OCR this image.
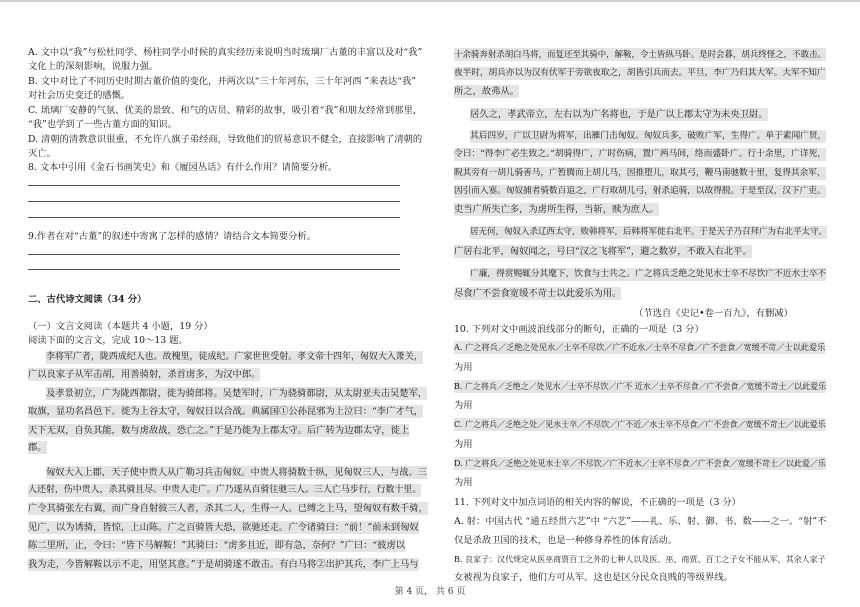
A. 文中以“我”与松杜同学、杨柱同学小时候的真实经历来说明当时琉璃厂古董的丰富以及对“我”
文化上的深刻影响，说服力强。
B. 文中对比了不同历史时期古董价值的变化，并两次以“三十年河东，三十年河西 ”来表达“我”
对社会历史变迁的感慨。
C. 琉璃厂安静的气氛、优美的景致、和气的店员、精彩的故事，吸引着“我”和朋友经常到那里，
“我”也学到了一些古董方面的知识。
D. 清朝的清教意识很重，不允许八旗子弟经商，导致他们的贸易意识不健全，直接影响了清朝的
灭亡。
8. 文本中引用《金石书画笑史》和《履园丛话》有什么作用？请简要分析。
9.作者在对“古董”的叙述中寄寓了怎样的感情？请结合文本简要分析。
二、古代诗文阅读（34 分）
（一）文言文阅读（本题共 4 小题，19 分）
阅读下面的文言文，完成 10～13 题。
李将军广者，陇西成纪人也。故槐里，徒成纪。广家世世受射。孝文帝十四年，匈奴大入萧关，
广以良家子从军击胡，用善骑射，杀首虏多，为汉中郎。
及孝景初立，广为陇西都尉，徙为骑郎将。吴楚军时，广为骁骑都尉，从太尉亚夫击吴楚军，
取旗，显功名昌邑下。徙为上谷太守，匈奴日以合战。典属国①公孙昆邪为上泣曰：“李广才气，
天下无双，自负其能，数与虏敌战，恐亡之。”于是乃徙为上郡太守。后广转为边郡太守，徙上
郡。
匈奴大入上郡，天子使中贵人从广勒习兵击匈奴。中贵人将骑数十纵，见匈奴三人，与战。三
人还射，伤中贵人，杀其骑且尽。中贵人走广。广乃遂从百骑往驰三人。三人亡马步行，行数十里。
广令其骑张左右翼，而广身自射彼三人者，杀其二人，生得一人。已缚之上马，望匈奴有数千骑，
见广，以为诱骑，皆惊，上山陈。广之百骑皆大恐，欲驰还走。广令诸骑曰：“前！”前未到匈奴
陈二里所，止，令曰：“皆下马解鞍！”其骑曰：“虏多且近，即有急，奈何？”广曰：“彼虏以
我为走，今皆解鞍以示不走，用坚其意。”于是胡骑遂不敢击。有白马将②出护其兵，李广上马与
十余骑奔射杀胡白马将，而复还至其骑中，解鞍，令士皆纵马卧。是时会暮，胡兵终怪之，不敢击。
夜半时，胡兵亦以为汉有伏军于旁欲夜取之，胡皆引兵而去。平旦，李广乃归其大军。大军不知广
所之，故弗从。
居久之，孝武帝立，左右以为广名将也，于是广以上郡太守为未央卫尉。
其后四岁，广以卫尉为将军，出雁门击匈奴。匈奴兵多，破败广军，生得广。单于素闻广贤，
令曰：“得李广必生致之。”胡骑得广，广时伤病，置广两马间，络而盛卧广。行十余里，广详死，
睨其旁有一胡儿骑善马，广暂腾而上胡儿马，因推堕儿，取其弓，鞭马南驰数十里，复得其余军，
因引而入塞。匈奴捕者骑数百追之，广行取胡儿弓，射杀追骑，以故得脱。于是至汉，汉下广吏。
吏当广所失亡多，为虏所生得，当斩，赎为庶人。
居无何，匈奴入杀辽西太守，败韩将军，后韩将军徙右北平。于是天子乃召拜广为右北平太守。
广居右北平，匈奴闻之，号曰“汉之飞将军”，避之数岁，不敢入右北平。
广廉，得赏赐辄分其麾下，饮食与士共之。广之将兵乏绝之处见水士卒不尽饮广不近水士卒不
尽食广不尝食宽缓不苛士以此爱乐为用。
（节选自《史记•卷一百九》，有删减）
10. 下列对文中画波浪线部分的断句，正确的一项是（3 分）
A. 广之将兵／乏绝之处见水／士卒不尽饮／广不近水／士卒不尽食／广不尝食／宽缓不苛／士以此爱乐
为用
B. 广之将兵／乏绝之／处见水／士卒不尽饮／广不 近水／士卒不尽食／广不尝食／宽缓不苛士／以此爱乐
为用
C. 广之将兵／乏绝之处／见水士卒／不尽饮／广不近／水士卒不尽食／广不尝食／宽缓不苛士／以此爱乐
为用
D. 广之将兵／乏绝之处见水士卒／不尽饮／广不近水／士卒不尽食／广不尝食／宽缓不苛士／以此爱／乐
为用
11. 下列对文中加点词语的相关内容的解说，不正确的一项是（3 分）
A. 射：中国古代 “通五经贯六艺”中 “六艺”——礼、乐、射、御、书、数——之一。“射”不
仅是杀敌卫国的技术，也是一种修身养性的体育活动。
B. 良家子：汉代规定从医巫商贾百工之外的七种人以及医、巫、商贾、百工之子女不能从军，其余人家子
女被视为良家子，他们方可从军。这也是区分民众良贱的等级界线。
第 4 页， 共 6 页
